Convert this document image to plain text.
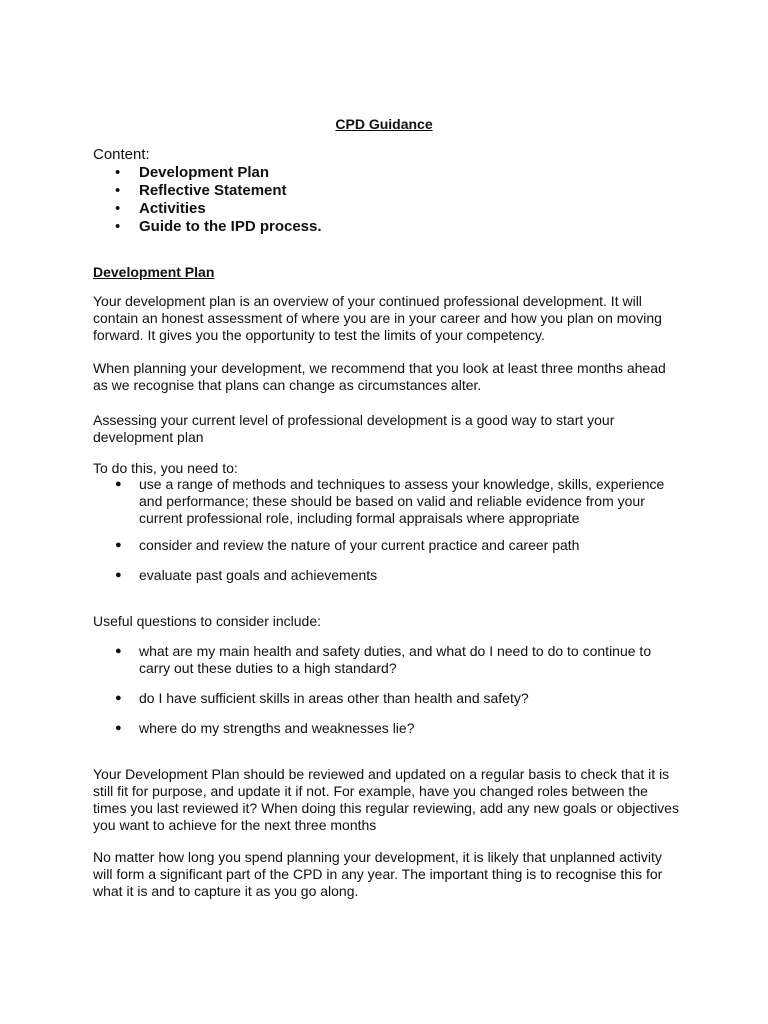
CPD Guidance
Content:
• Development Plan
• Reflective Statement
• Activities
• Guide to the IPD process.
Development Plan
Your development plan is an overview of your continued professional development. It will contain an honest assessment of where you are in your career and how you plan on moving forward. It gives you the opportunity to test the limits of your competency.
When planning your development, we recommend that you look at least three months ahead as we recognise that plans can change as circumstances alter.
Assessing your current level of professional development is a good way to start your development plan
To do this, you need to:
● use a range of methods and techniques to assess your knowledge, skills, experience and performance; these should be based on valid and reliable evidence from your current professional role, including formal appraisals where appropriate
● consider and review the nature of your current practice and career path
● evaluate past goals and achievements
Useful questions to consider include:
● what are my main health and safety duties, and what do I need to do to continue to carry out these duties to a high standard?
● do I have sufficient skills in areas other than health and safety?
● where do my strengths and weaknesses lie?
Your Development Plan should be reviewed and updated on a regular basis to check that it is still fit for purpose, and update it if not. For example, have you changed roles between the times you last reviewed it? When doing this regular reviewing, add any new goals or objectives you want to achieve for the next three months
No matter how long you spend planning your development, it is likely that unplanned activity will form a significant part of the CPD in any year. The important thing is to recognise this for what it is and to capture it as you go along.
